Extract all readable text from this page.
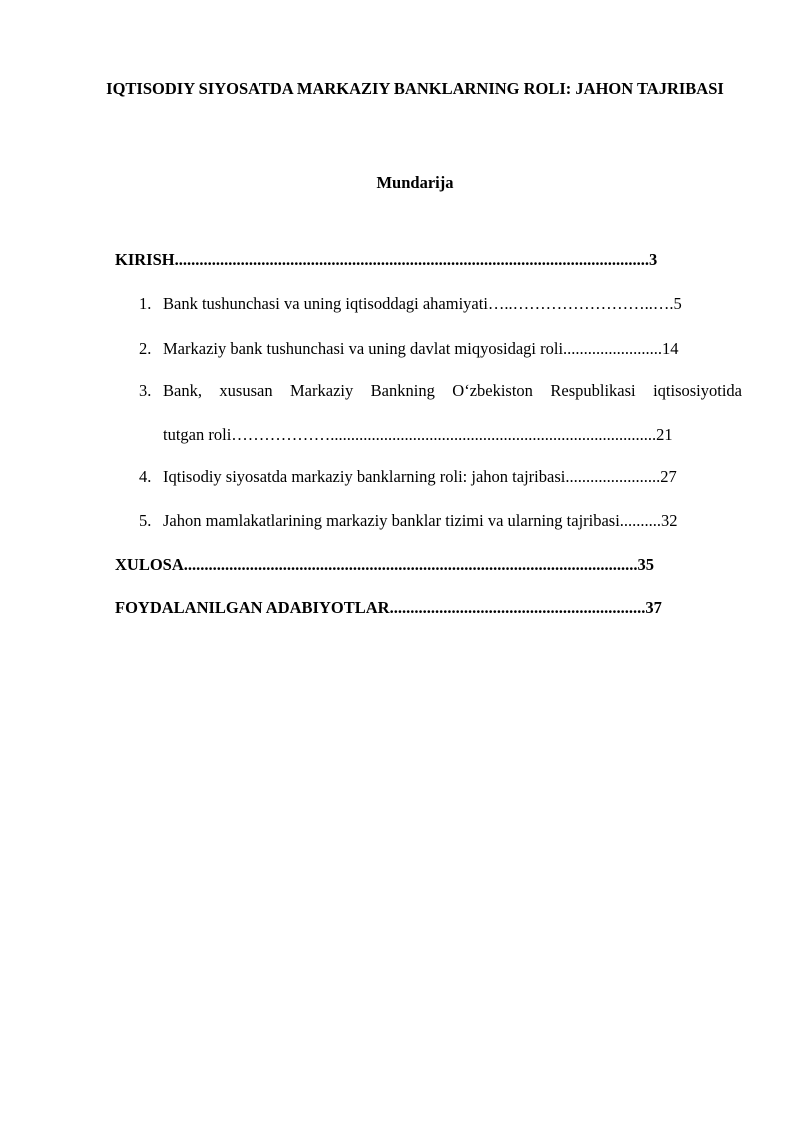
IQTISODIY SIYOSATDA MARKAZIY BANKLARNING ROLI: JAHON TAJRIBASI

Mundarija

KIRISH...................................................................................................................3
1. Bank tushunchasi va uning iqtisoddagi ahamiyati…..……………………..….5
2. Markaziy bank tushunchasi va uning davlat miqyosidagi roli........................14
3. Bank, xususan Markaziy Bankning O‘zbekiston Respublikasi iqtisosiyotida
tutgan roli………………...............................................................................21
4. Iqtisodiy siyosatda markaziy banklarning roli: jahon tajribasi.......................27
5. Jahon mamlakatlarining markaziy banklar tizimi va ularning tajribasi..........32
XULOSA..............................................................................................................35
FOYDALANILGAN ADABIYOTLAR..............................................................37
